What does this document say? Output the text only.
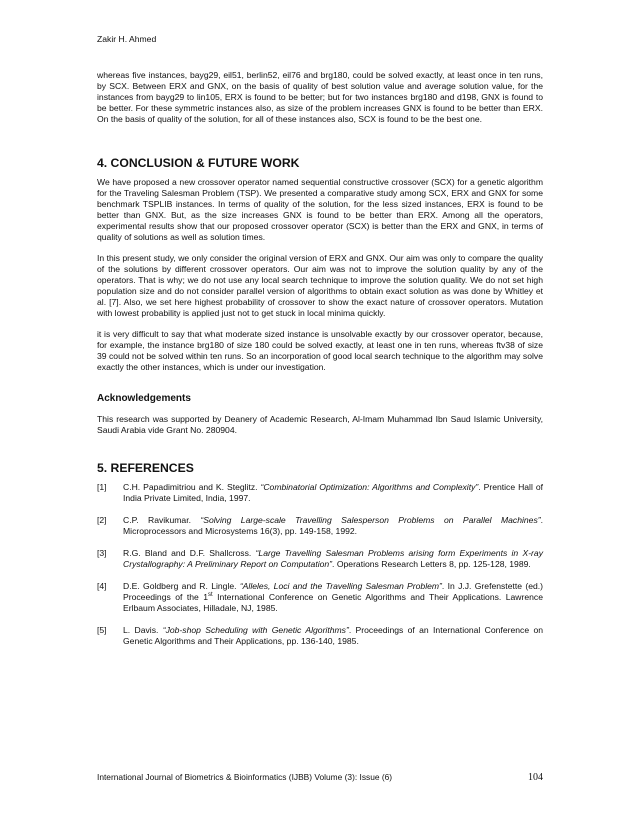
Zakir H. Ahmed

whereas five instances, bayg29, eil51, berlin52, eil76 and brg180, could be solved exactly, at least once in ten runs, by SCX. Between ERX and GNX, on the basis of quality of best solution value and average solution value, for the instances from bayg29 to lin105, ERX is found to be better; but for two instances brg180 and d198, GNX is found to be better. For these symmetric instances also, as size of the problem increases GNX is found to be better than ERX. On the basis of quality of the solution, for all of these instances also, SCX is found to be the best one.

4. CONCLUSION & FUTURE WORK

We have proposed a new crossover operator named sequential constructive crossover (SCX) for a genetic algorithm for the Traveling Salesman Problem (TSP). We presented a comparative study among SCX, ERX and GNX for some benchmark TSPLIB instances. In terms of quality of the solution, for the less sized instances, ERX is found to be better than GNX. But, as the size increases GNX is found to be better than ERX. Among all the operators, experimental results show that our proposed crossover operator (SCX) is better than the ERX and GNX, in terms of quality of solutions as well as solution times.

In this present study, we only consider the original version of ERX and GNX. Our aim was only to compare the quality of the solutions by different crossover operators. Our aim was not to improve the solution quality by any of the operators. That is why; we do not use any local search technique to improve the solution quality. We do not set high population size and do not consider parallel version of algorithms to obtain exact solution as was done by Whitley et al. [7]. Also, we set here highest probability of crossover to show the exact nature of crossover operators. Mutation with lowest probability is applied just not to get stuck in local minima quickly.

it is very difficult to say that what moderate sized instance is unsolvable exactly by our crossover operator, because, for example, the instance brg180 of size 180 could be solved exactly, at least one in ten runs, whereas ftv38 of size 39 could not be solved within ten runs. So an incorporation of good local search technique to the algorithm may solve exactly the other instances, which is under our investigation.

Acknowledgements

This research was supported by Deanery of Academic Research, Al-Imam Muhammad Ibn Saud Islamic University, Saudi Arabia vide Grant No. 280904.

5. REFERENCES
[1]	C.H. Papadimitriou and K. Steglitz. “Combinatorial Optimization: Algorithms and Complexity”. Prentice Hall of India Private Limited, India, 1997.
[2]	C.P. Ravikumar. “Solving Large-scale Travelling Salesperson Problems on Parallel Machines”. Microprocessors and Microsystems 16(3), pp. 149-158, 1992.
[3]	R.G. Bland and D.F. Shallcross. “Large Travelling Salesman Problems arising form Experiments in X-ray Crystallography: A Preliminary Report on Computation”. Operations Research Letters 8, pp. 125-128, 1989.
[4]	D.E. Goldberg and R. Lingle. “Alleles, Loci and the Travelling Salesman Problem”. In J.J. Grefenstette (ed.) Proceedings of the 1st International Conference on Genetic Algorithms and Their Applications. Lawrence Erlbaum Associates, Hilladale, NJ, 1985.
[5]	L. Davis. “Job-shop Scheduling with Genetic Algorithms”. Proceedings of an International Conference on Genetic Algorithms and Their Applications, pp. 136-140, 1985.
International Journal of Biometrics & Bioinformatics (IJBB) Volume (3): Issue (6)	104
